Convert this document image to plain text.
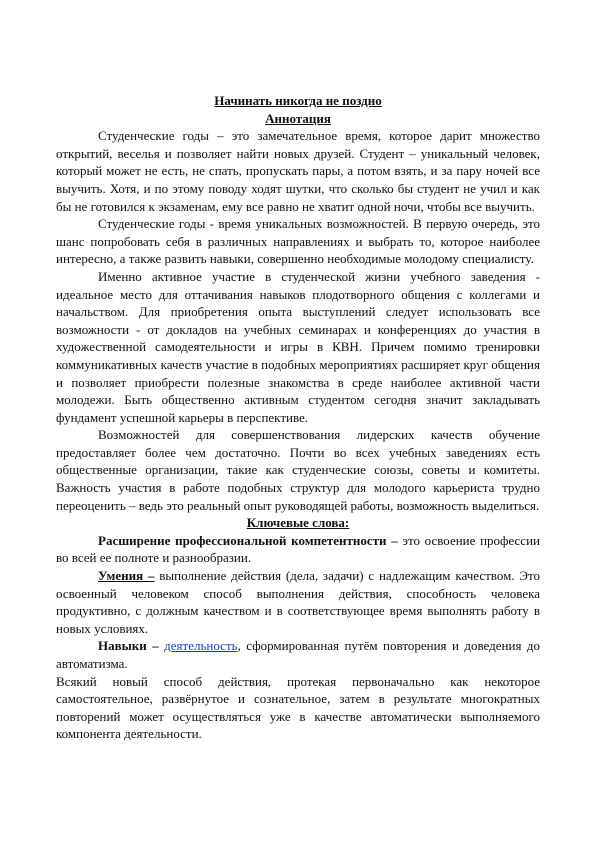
Начинать никогда не поздно
Аннотация

Студенческие годы – это замечательное время, которое дарит множество открытий, веселья и позволяет найти новых друзей. Студент – уникальный человек, который может не есть, не спать, пропускать пары, а потом взять, и за пару ночей все выучить. Хотя, и по этому поводу ходят шутки, что сколько бы студент не учил и как бы не готовился к экзаменам, ему все равно не хватит одной ночи, чтобы все выучить.

Студенческие годы - время уникальных возможностей. В первую очередь, это шанс попробовать себя в различных направлениях и выбрать то, которое наиболее интересно, а также развить навыки, совершенно необходимые молодому специалисту.

Именно активное участие в студенческой жизни учебного заведения - идеальное место для оттачивания навыков плодотворного общения с коллегами и начальством. Для приобретения опыта выступлений следует использовать все возможности - от докладов на учебных семинарах и конференциях до участия в художественной самодеятельности и игры в КВН. Причем помимо тренировки коммуникативных качеств участие в подобных мероприятиях расширяет круг общения и позволяет приобрести полезные знакомства в среде наиболее активной части молодежи. Быть общественно активным студентом сегодня значит закладывать фундамент успешной карьеры в перспективе.

Возможностей для совершенствования лидерских качеств обучение предоставляет более чем достаточно. Почти во всех учебных заведениях есть общественные организации, такие как студенческие союзы, советы и комитеты. Важность участия в работе подобных структур для молодого карьериста трудно переоценить – ведь это реальный опыт руководящей работы, возможность выделиться.

Ключевые слова:

Расширение профессиональной компетентности – это освоение профессии во всей ее полноте и разнообразии.

Умения – выполнение действия (дела, задачи) с надлежащим качеством. Это освоенный человеком способ выполнения действия, способность человека продуктивно, с должным качеством и в соответствующее время выполнять работу в новых условиях.

Навыки – деятельность, сформированная путём повторения и доведения до автоматизма.

Всякий новый способ действия, протекая первоначально как некоторое самостоятельное, развёрнутое и сознательное, затем в результате многократных повторений может осуществляться уже в качестве автоматически выполняемого компонента деятельности.
